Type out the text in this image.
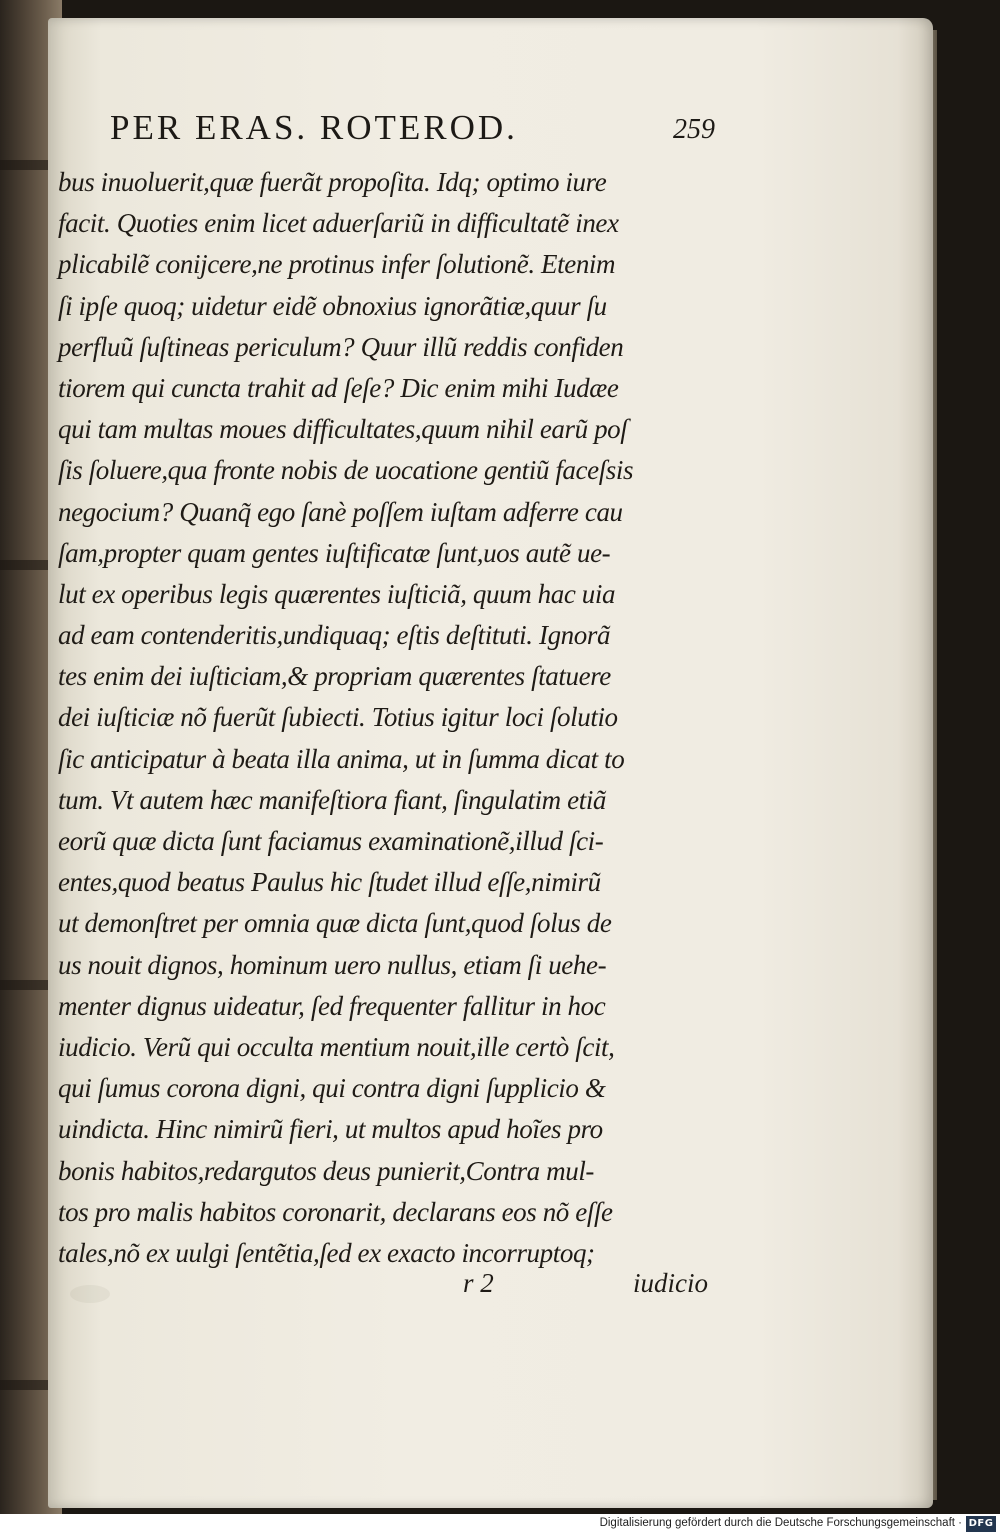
PER ERAS. ROTEROD.	259
bus inuoluerit,quæ fuerãt propoſita. Idq; optimo iure
facit. Quoties enim licet aduerſariũ in difficultatẽ inex
plicabilẽ conijcere,ne protinus infer ſolutionẽ. Etenim
ſi ipſe quoq; uidetur eidẽ obnoxius ignorãtiæ,quur ſu
perfluũ ſuſtineas periculum? Quur illũ reddis confiden
tiorem qui cuncta trahit ad ſeſe? Dic enim mihi Iudæe
qui tam multas moues difficultates,quum nihil earũ poſ
ſis ſoluere,qua fronte nobis de uocatione gentiũ facеſsis
negocium? Quanq̃ ego ſanè poſſem iuſtam adferre cau
ſam,propter quam gentes iuſtificatæ ſunt,uos autẽ ue-
lut ex operibus legis quærentes iuſticiã, quum hac uia
ad eam contenderitis,undiquaq; eſtis deſtituti. Ignorã
tes enim dei iuſticiam,& propriam quærentes ſtatuere
dei iuſticiæ nõ fuerũt ſubiecti. Totius igitur loci ſolutio
ſic anticipatur à beata illa anima, ut in ſumma dicat to
tum. Vt autem hæc manifeſtiora fiant, ſingulatim etiã
eorũ quæ dicta ſunt faciamus examinationẽ,illud ſci-
entes,quod beatus Paulus hic ſtudet illud eſſe,nimirũ
ut demonſtret per omnia quæ dicta ſunt,quod ſolus de
us nouit dignos, hominum uero nullus, etiam ſi uehe-
menter dignus uideatur, ſed frequenter fallitur in hoc
iudicio. Verũ qui occulta mentium nouit,ille certò ſcit,
qui ſumus corona digni, qui contra digni ſupplicio &
uindicta. Hinc nimirũ fieri, ut multos apud hoĩes pro
bonis habitos,redargutos deus punierit,Contra mul-
tos pro malis habitos coronarit, declarans eos nõ eſſe
tales,nõ ex uulgi ſentẽtia,ſed ex exacto incorruptoq;
r 2	iudicio
Digitalisierung gefördert durch die Deutsche Forschungsgemeinschaft · DFG
